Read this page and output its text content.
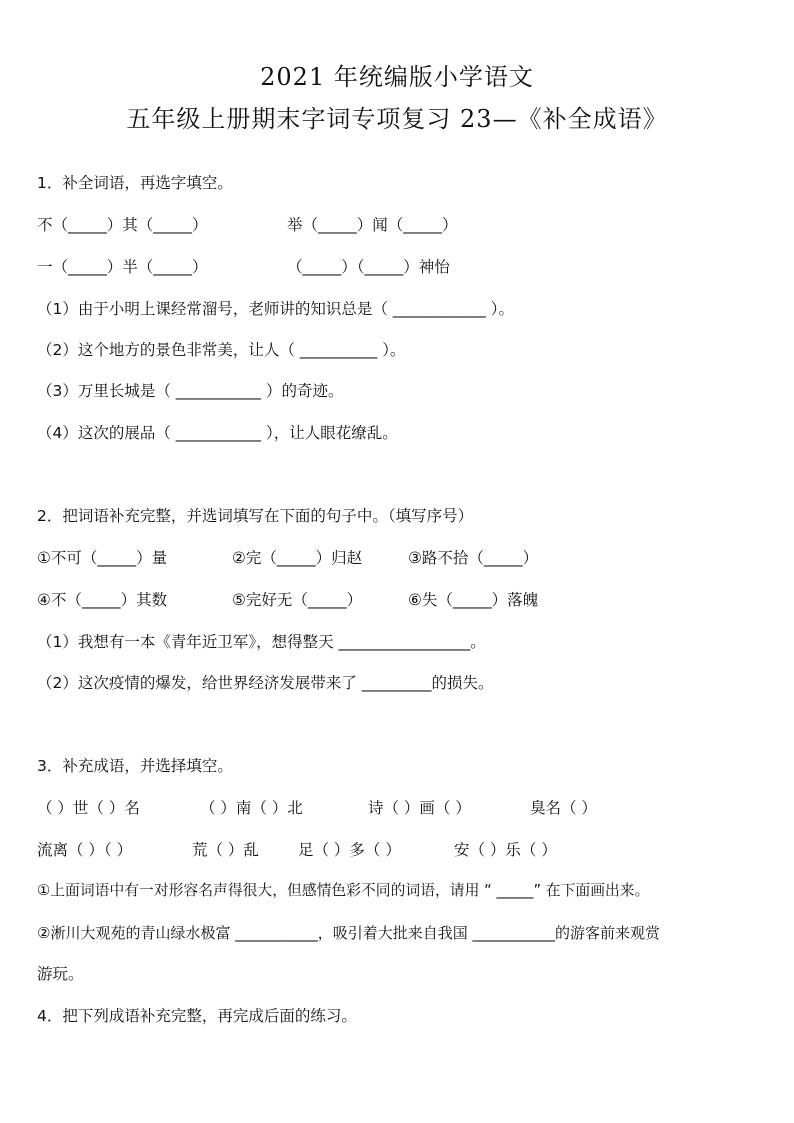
2021 年统编版小学语文
五年级上册期末字词专项复习 23—《补全成语》
1．补全词语，再选字填空。
不（_____）其（_____）	举（_____）闻（_____）
一（_____）半（_____）	（_____）（_____）神怡
（1）由于小明上课经常溜号，老师讲的知识总是（ ____________ ）。
（2）这个地方的景色非常美，让人（ __________ ）。
（3）万里长城是（ ___________ ）的奇迹。
（4）这次的展品（ ___________ ），让人眼花缭乱。
2．把词语补充完整，并选词填写在下面的句子中。（填写序号）
①不可（_____）量	②完（_____）归赵	③路不拾（_____）
④不（_____）其数	⑤完好无（_____）	⑥失（_____）落魄
（1）我想有一本《青年近卫军》，想得整天 _________________。
（2）这次疫情的爆发，给世界经济发展带来了 _________的损失。
3．补充成语，并选择填空。
（ ）世（ ）名	（ ）南（ ）北	诗（ ）画（ ）	臭名（ ）
流离（ ）（ ）	荒（ ）乱	足（ ）多（ ）	安（ ）乐（ ）
①上面词语中有一对形容名声得很大，但感情色彩不同的词语，请用 “ _____” 在下面画出来。
②淅川大观苑的青山绿水极富 ___________，吸引着大批来自我国 ___________的游客前来观赏
游玩。
4．把下列成语补充完整，再完成后面的练习。
